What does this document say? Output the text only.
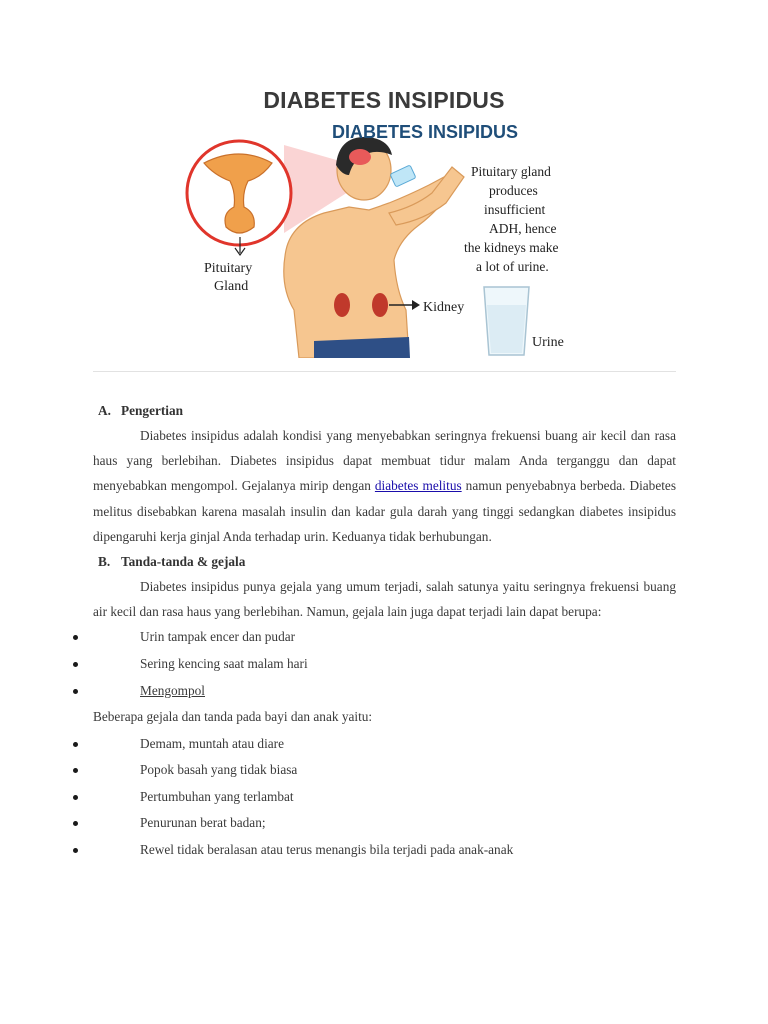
DIABETES INSIPIDUS
Pituitary
Gland
Kidney
DIABETES INSIPIDUS
Pituitary gland produces insufficient ADH, hence the kidneys make a lot of urine.
Urine
A. Pengertian

Diabetes insipidus adalah kondisi yang menyebabkan seringnya frekuensi buang air kecil dan rasa haus yang berlebihan. Diabetes insipidus dapat membuat tidur malam Anda terganggu dan dapat menyebabkan mengompol. Gejalanya mirip dengan diabetes melitus namun penyebabnya berbeda. Diabetes melitus disebabkan karena masalah insulin dan kadar gula darah yang tinggi sedangkan diabetes insipidus dipengaruhi kerja ginjal Anda terhadap urin. Keduanya tidak berhubungan.

B. Tanda-tanda & gejala

Diabetes insipidus punya gejala yang umum terjadi, salah satunya yaitu seringnya frekuensi buang air kecil dan rasa haus yang berlebihan. Namun, gejala lain juga dapat terjadi lain dapat berupa:

Urin tampak encer dan pudar
Sering kencing saat malam hari
Mengompol

Beberapa gejala dan tanda pada bayi dan anak yaitu:

Demam, muntah atau diare
Popok basah yang tidak biasa
Pertumbuhan yang terlambat
Penurunan berat badan;
Rewel tidak beralasan atau terus menangis bila terjadi pada anak-anak
